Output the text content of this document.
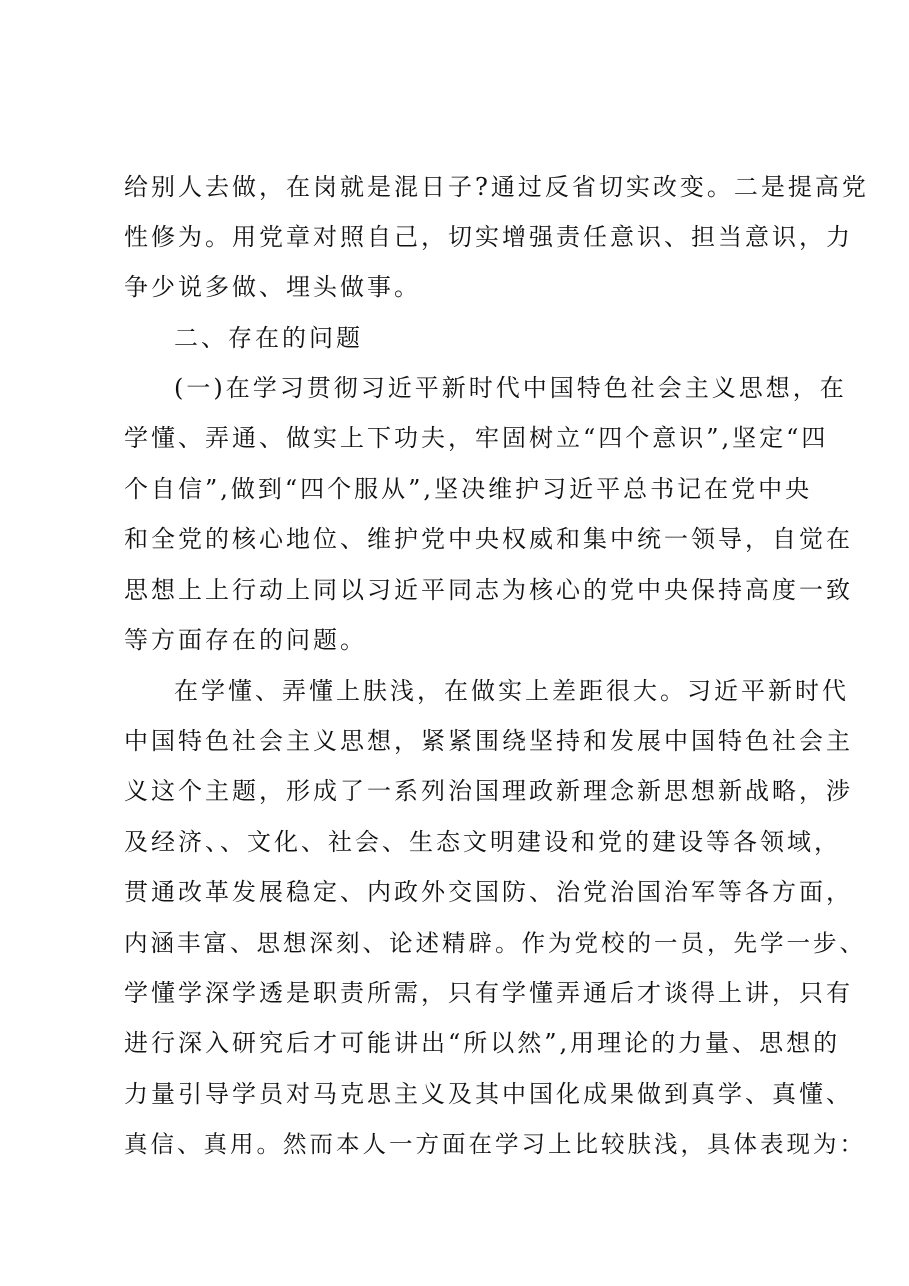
给别人去做，在岗就是混日子?通过反省切实改变。二是提高党
性修为。用党章对照自己，切实增强责任意识、担当意识，力
争少说多做、埋头做事。
二、存在的问题
(一)在学习贯彻习近平新时代中国特色社会主义思想，在
学懂、弄通、做实上下功夫，牢固树立“四个意识”,坚定“四
个自信”,做到“四个服从”,坚决维护习近平总书记在党中央
和全党的核心地位、维护党中央权威和集中统一领导，自觉在
思想上上行动上同以习近平同志为核心的党中央保持高度一致
等方面存在的问题。
在学懂、弄懂上肤浅，在做实上差距很大。习近平新时代
中国特色社会主义思想，紧紧围绕坚持和发展中国特色社会主
义这个主题，形成了一系列治国理政新理念新思想新战略，涉
及经济、、文化、社会、生态文明建设和党的建设等各领域，
贯通改革发展稳定、内政外交国防、治党治国治军等各方面，
内涵丰富、思想深刻、论述精辟。作为党校的一员，先学一步、
学懂学深学透是职责所需，只有学懂弄通后才谈得上讲，只有
进行深入研究后才可能讲出“所以然”,用理论的力量、思想的
力量引导学员对马克思主义及其中国化成果做到真学、真懂、
真信、真用。然而本人一方面在学习上比较肤浅，具体表现为：
